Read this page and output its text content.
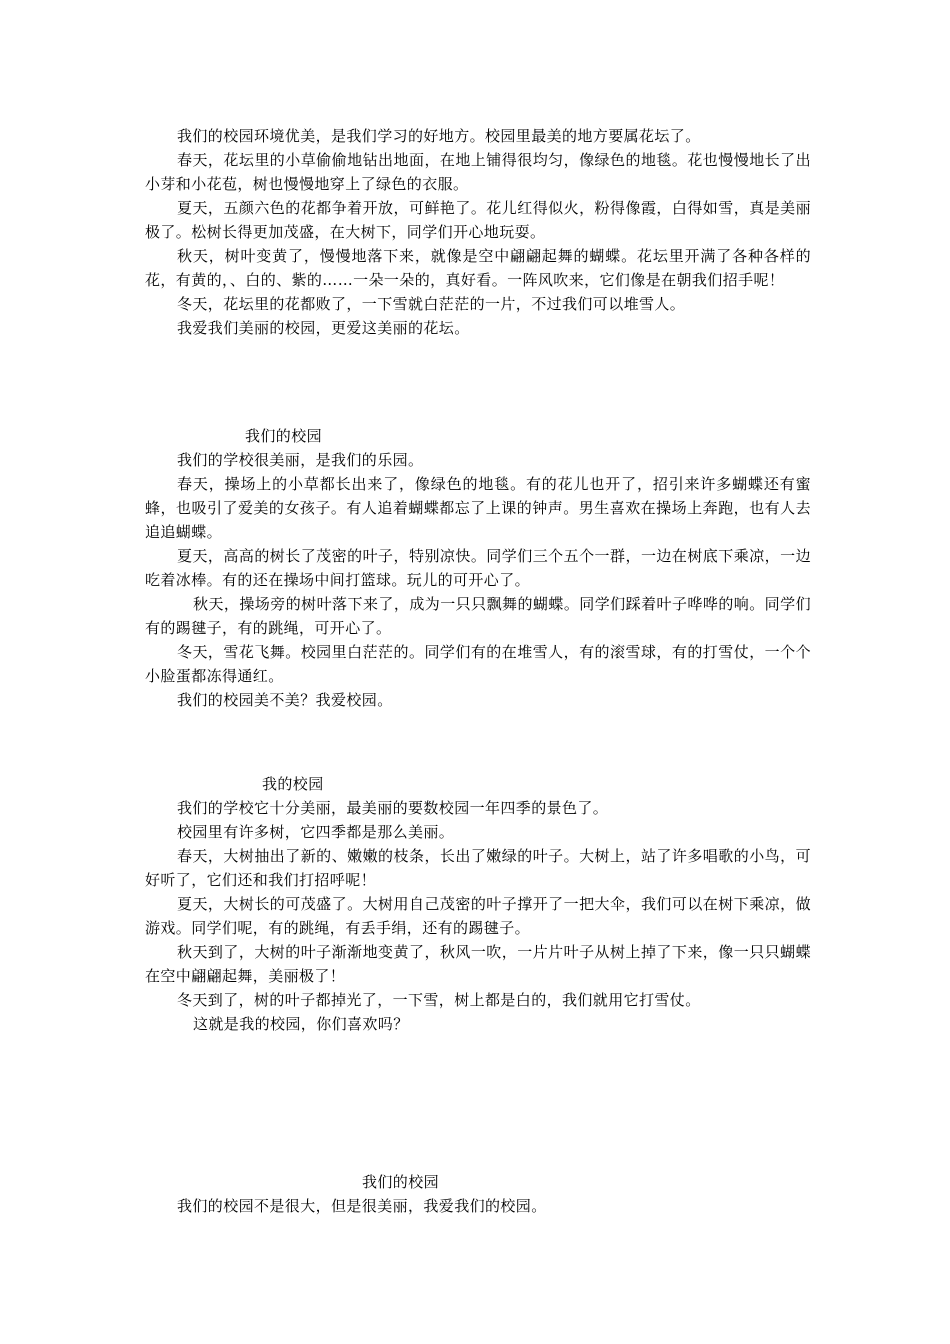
我们的校园环境优美，是我们学习的好地方。校园里最美的地方要属花坛了。

春天，花坛里的小草偷偷地钻出地面，在地上铺得很均匀，像绿色的地毯。花也慢慢地长了出小芽和小花苞，树也慢慢地穿上了绿色的衣服。

夏天，五颜六色的花都争着开放，可鲜艳了。花儿红得似火，粉得像霞，白得如雪，真是美丽极了。松树长得更加茂盛，在大树下，同学们开心地玩耍。

秋天，树叶变黄了，慢慢地落下来，就像是空中翩翩起舞的蝴蝶。花坛里开满了各种各样的花，有黄的，、白的、紫的……一朵一朵的，真好看。一阵风吹来，它们像是在朝我们招手呢！

冬天，花坛里的花都败了，一下雪就白茫茫的一片，不过我们可以堆雪人。

我爱我们美丽的校园，更爱这美丽的花坛。

我们的校园

我们的学校很美丽，是我们的乐园。

春天，操场上的小草都长出来了，像绿色的地毯。有的花儿也开了，招引来许多蝴蝶还有蜜蜂，也吸引了爱美的女孩子。有人追着蝴蝶都忘了上课的钟声。男生喜欢在操场上奔跑，也有人去追追蝴蝶。

夏天，高高的树长了茂密的叶子，特别凉快。同学们三个五个一群，一边在树底下乘凉，一边吃着冰棒。有的还在操场中间打篮球。玩儿的可开心了。

秋天，操场旁的树叶落下来了，成为一只只飘舞的蝴蝶。同学们踩着叶子哗哗的响。同学们有的踢毽子，有的跳绳，可开心了。

冬天，雪花飞舞。校园里白茫茫的。同学们有的在堆雪人，有的滚雪球，有的打雪仗，一个个小脸蛋都冻得通红。

我们的校园美不美？我爱校园。

我的校园

我们的学校它十分美丽，最美丽的要数校园一年四季的景色了。

校园里有许多树，它四季都是那么美丽。

春天，大树抽出了新的、嫩嫩的枝条，长出了嫩绿的叶子。大树上，站了许多唱歌的小鸟，可好听了，它们还和我们打招呼呢！

夏天，大树长的可茂盛了。大树用自己茂密的叶子撑开了一把大伞，我们可以在树下乘凉，做游戏。同学们呢，有的跳绳，有丢手绢，还有的踢毽子。

秋天到了，大树的叶子渐渐地变黄了，秋风一吹，一片片叶子从树上掉了下来，像一只只蝴蝶在空中翩翩起舞，美丽极了！

冬天到了，树的叶子都掉光了，一下雪，树上都是白的，我们就用它打雪仗。

这就是我的校园，你们喜欢吗？

我们的校园

我们的校园不是很大，但是很美丽，我爱我们的校园。
